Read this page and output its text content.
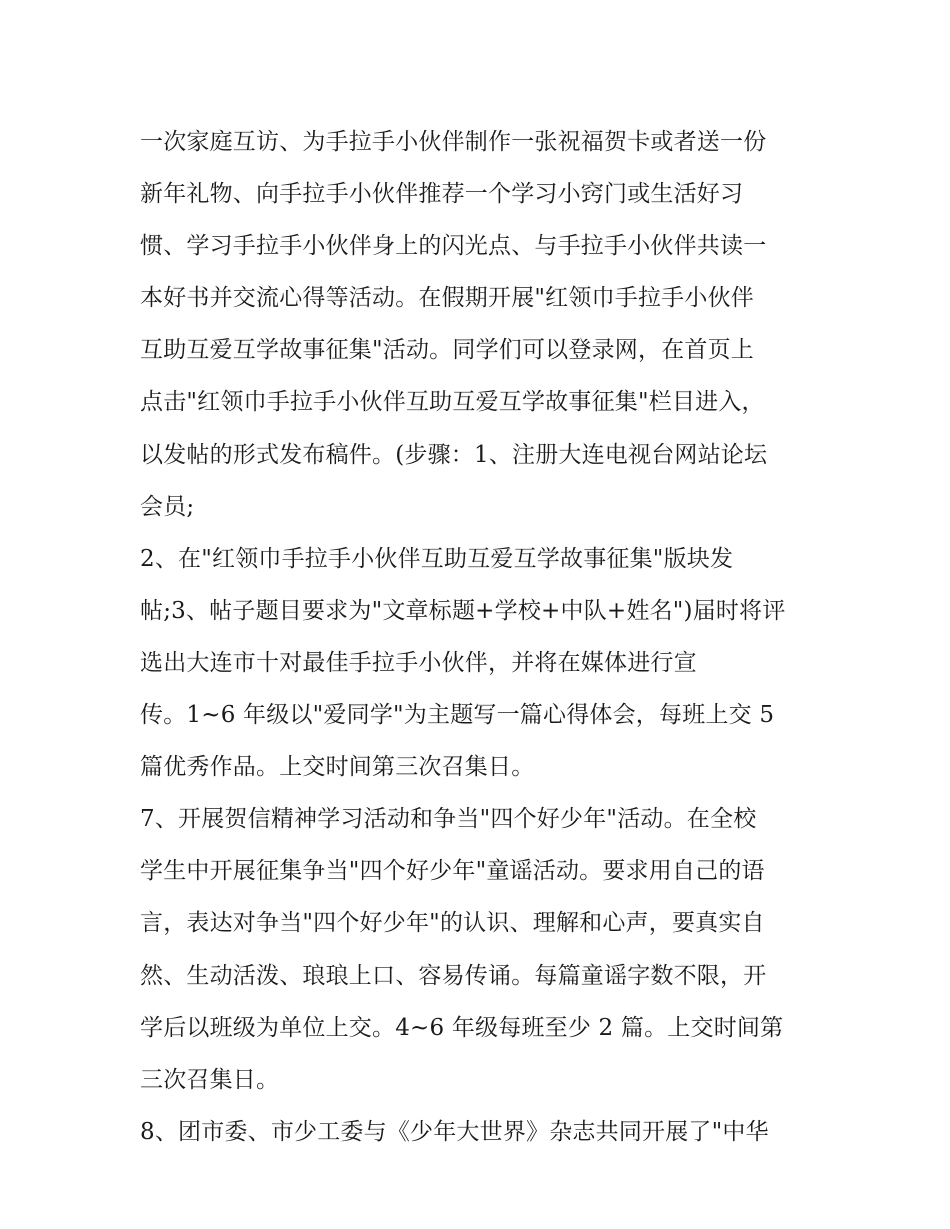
一次家庭互访、为手拉手小伙伴制作一张祝福贺卡或者送一份
新年礼物、向手拉手小伙伴推荐一个学习小窍门或生活好习
惯、学习手拉手小伙伴身上的闪光点、与手拉手小伙伴共读一
本好书并交流心得等活动。在假期开展"红领巾手拉手小伙伴
互助互爱互学故事征集"活动。同学们可以登录网，在首页上
点击"红领巾手拉手小伙伴互助互爱互学故事征集"栏目进入，
以发帖的形式发布稿件。(步骤：1、注册大连电视台网站论坛
会员;
2、在"红领巾手拉手小伙伴互助互爱互学故事征集"版块发
帖;3、帖子题目要求为"文章标题+学校+中队+姓名")届时将评
选出大连市十对最佳手拉手小伙伴，并将在媒体进行宣
传。1~6 年级以"爱同学"为主题写一篇心得体会，每班上交 5
篇优秀作品。上交时间第三次召集日。
7、开展贺信精神学习活动和争当"四个好少年"活动。在全校
学生中开展征集争当"四个好少年"童谣活动。要求用自己的语
言，表达对争当"四个好少年"的认识、理解和心声，要真实自
然、生动活泼、琅琅上口、容易传诵。每篇童谣字数不限，开
学后以班级为单位上交。4~6 年级每班至少 2 篇。上交时间第
三次召集日。
8、团市委、市少工委与《少年大世界》杂志共同开展了"中华
